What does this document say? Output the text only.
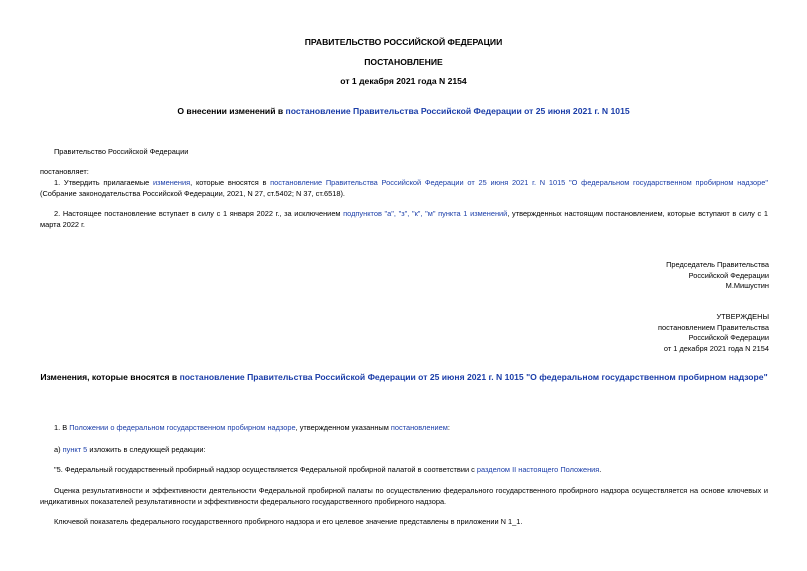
ПРАВИТЕЛЬСТВО РОССИЙСКОЙ ФЕДЕРАЦИИ
ПОСТАНОВЛЕНИЕ
от 1 декабря 2021 года N 2154
О внесении изменений в постановление Правительства Российской Федерации от 25 июня 2021 г. N 1015
Правительство Российской Федерации
постановляет:
1. Утвердить прилагаемые изменения, которые вносятся в постановление Правительства Российской Федерации от 25 июня 2021 г. N 1015 "О федеральном государственном пробирном надзоре" (Собрание законодательства Российской Федерации, 2021, N 27, ст.5402; N 37, ст.6518).
2. Настоящее постановление вступает в силу с 1 января 2022 г., за исключением подпунктов "а", "з", "к", "м" пункта 1 изменений, утвержденных настоящим постановлением, которые вступают в силу с 1 марта 2022 г.
Председатель Правительства
Российской Федерации
М.Мишустин
УТВЕРЖДЕНЫ
постановлением Правительства
Российской Федерации
от 1 декабря 2021 года N 2154
Изменения, которые вносятся в постановление Правительства Российской Федерации от 25 июня 2021 г. N 1015 "О федеральном государственном пробирном надзоре"
1. В Положении о федеральном государственном пробирном надзоре, утвержденном указанным постановлением:
а) пункт 5 изложить в следующей редакции:
"5. Федеральный государственный пробирный надзор осуществляется Федеральной пробирной палатой в соответствии с разделом II настоящего Положения.
Оценка результативности и эффективности деятельности Федеральной пробирной палаты по осуществлению федерального государственного пробирного надзора осуществляется на основе ключевых и индикативных показателей результативности и эффективности федерального государственного пробирного надзора.
Ключевой показатель федерального государственного пробирного надзора и его целевое значение представлены в приложении N 1_1.
